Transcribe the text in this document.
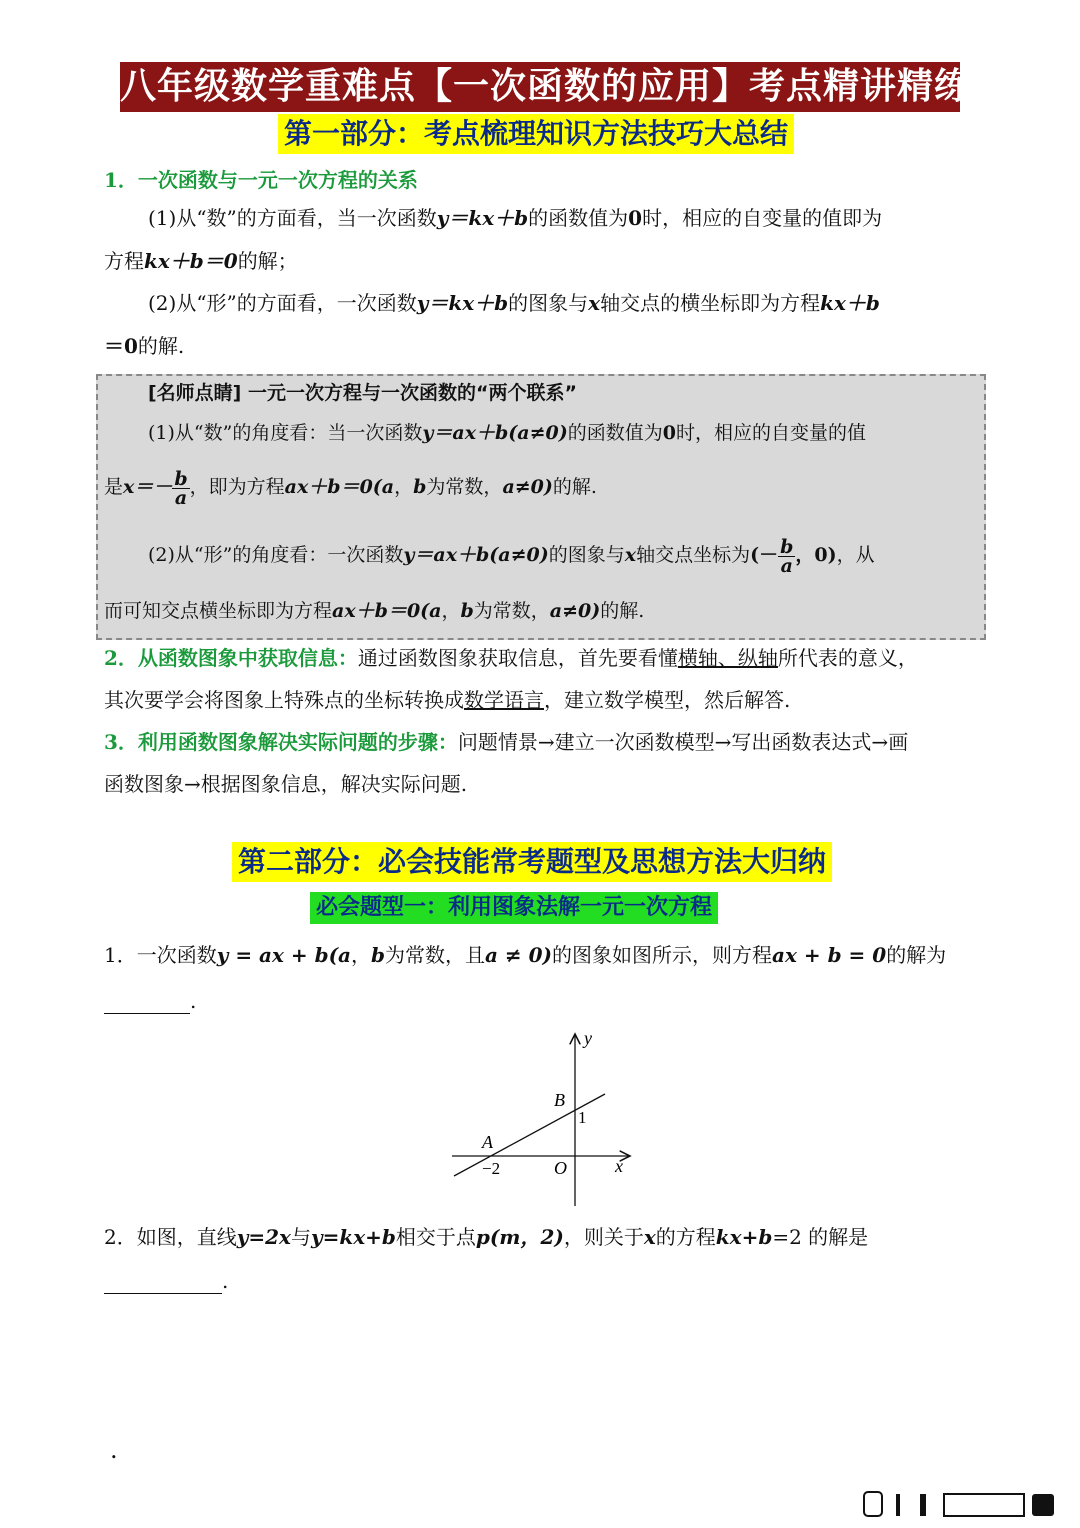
八年级数学重难点【一次函数的应用】考点精讲精练
第一部分：考点梳理知识方法技巧大总结
1．一次函数与一元一次方程的关系
(1)从“数”的方面看，当一次函数y＝kx＋b的函数值为0时，相应的自变量的值即为
方程kx＋b＝0的解；
(2)从“形”的方面看，一次函数y＝kx＋b的图象与x轴交点的横坐标即为方程kx＋b
＝0的解.
[名师点睛] 一元一次方程与一次函数的“两个联系”
(1)从“数”的角度看：当一次函数y＝ax＋b(a≠0)的函数值为0时，相应的自变量的值
是$x=- \frac{b}{a}$ ，即为方程ax＋b＝0(a，b为常数，a≠0)的解.
(2)从“形”的角度看：一次函数y＝ax＋b(a≠0)的图象与x轴交点坐标为(－ $\frac{b}{a}$ ，0)，从
而可知交点横坐标即为方程ax＋b＝0(a，b为常数，a≠0)的解.
2．从函数图象中获取信息：通过函数图象获取信息，首先要看懂横轴、纵轴所代表的意义，
其次要学会将图象上特殊点的坐标转换成数学语言，建立数学模型，然后解答.
3．利用函数图象解决实际问题的步骤：问题情景→建立一次函数模型→写出函数表达式→画
函数图象→根据图象信息，解决实际问题.
第二部分：必会技能常考题型及思想方法大归纳
必会题型一：利用图象法解一元一次方程
1．一次函数y = ax + b(a，b为常数，且a ≠ 0)的图象如图所示，则方程ax + b = 0的解为
.
y
x
O
A
B
1
−2
2．如图，直线y=2x与y=kx+b相交于点p(m，2)，则关于x的方程kx+b=2 的解是
.
.
